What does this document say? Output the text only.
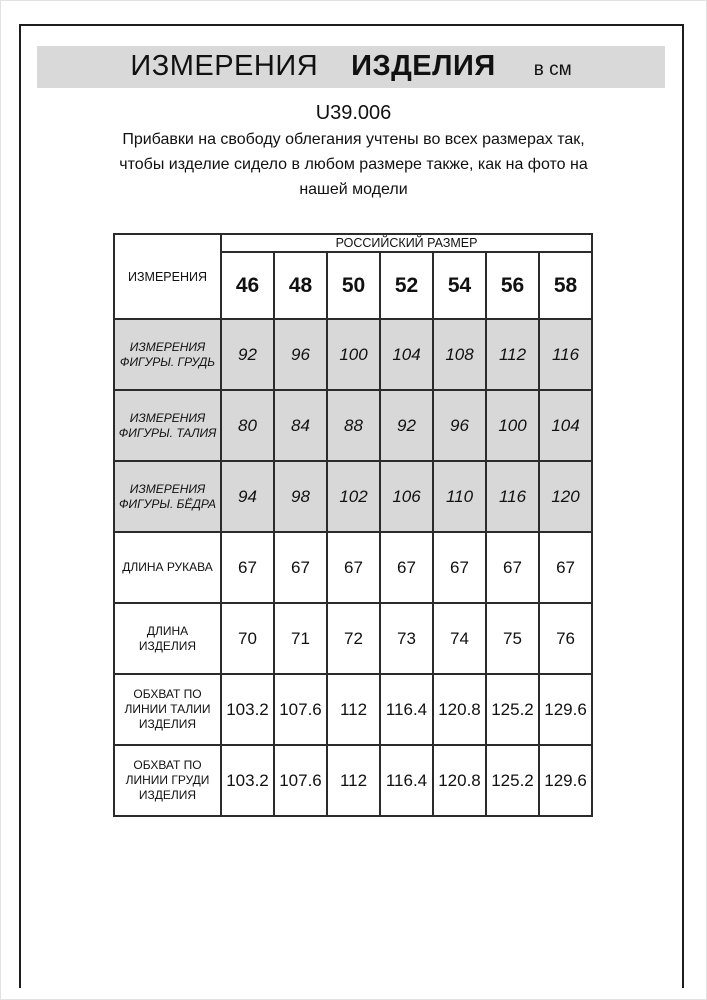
ИЗМЕРЕНИЯ ИЗДЕЛИЯ в см
U39.006
Прибавки на свободу облегания учтены во всех размерах так,
чтобы изделие сидело в любом размере также, как на фото на
нашей модели
ИЗМЕРЕНИЯ	РОССИЙСКИЙ РАЗМЕР						
	46	48	50	52	54	56	58

ИЗМЕРЕНИЯ
ФИГУРЫ. ГРУДЬ	92	96	100	104	108	112	116

ИЗМЕРЕНИЯ
ФИГУРЫ. ТАЛИЯ	80	84	88	92	96	100	104

ИЗМЕРЕНИЯ
ФИГУРЫ. БЁДРА	94	98	102	106	110	116	120

ДЛИНА РУКАВА	67	67	67	67	67	67	67

ДЛИНА ИЗДЕЛИЯ	70	71	72	73	74	75	76

ОБХВАТ ПО
ЛИНИИ ТАЛИИ
ИЗДЕЛИЯ	103.2	107.6	112	116.4	120.8	125.2	129.6

ОБХВАТ ПО
ЛИНИИ ГРУДИ
ИЗДЕЛИЯ	103.2	107.6	112	116.4	120.8	125.2	129.6
